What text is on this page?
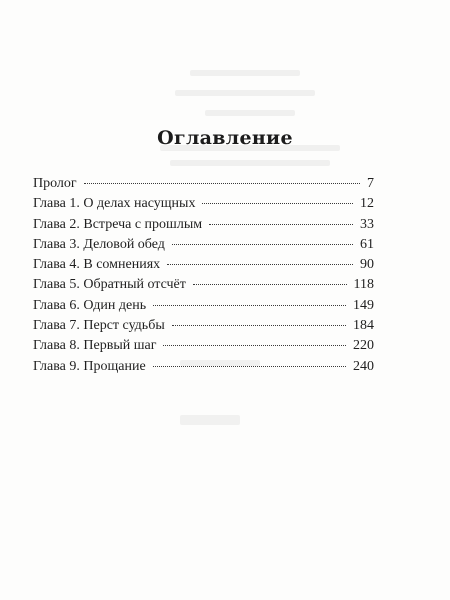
Оглавление
Пролог	7
Глава 1. О делах насущных	12
Глава 2. Встреча с прошлым	33
Глава 3. Деловой обед	61
Глава 4. В сомнениях	90
Глава 5. Обратный отсчёт	118
Глава 6. Один день	149
Глава 7. Перст судьбы	184
Глава 8. Первый шаг	220
Глава 9. Прощание	240
